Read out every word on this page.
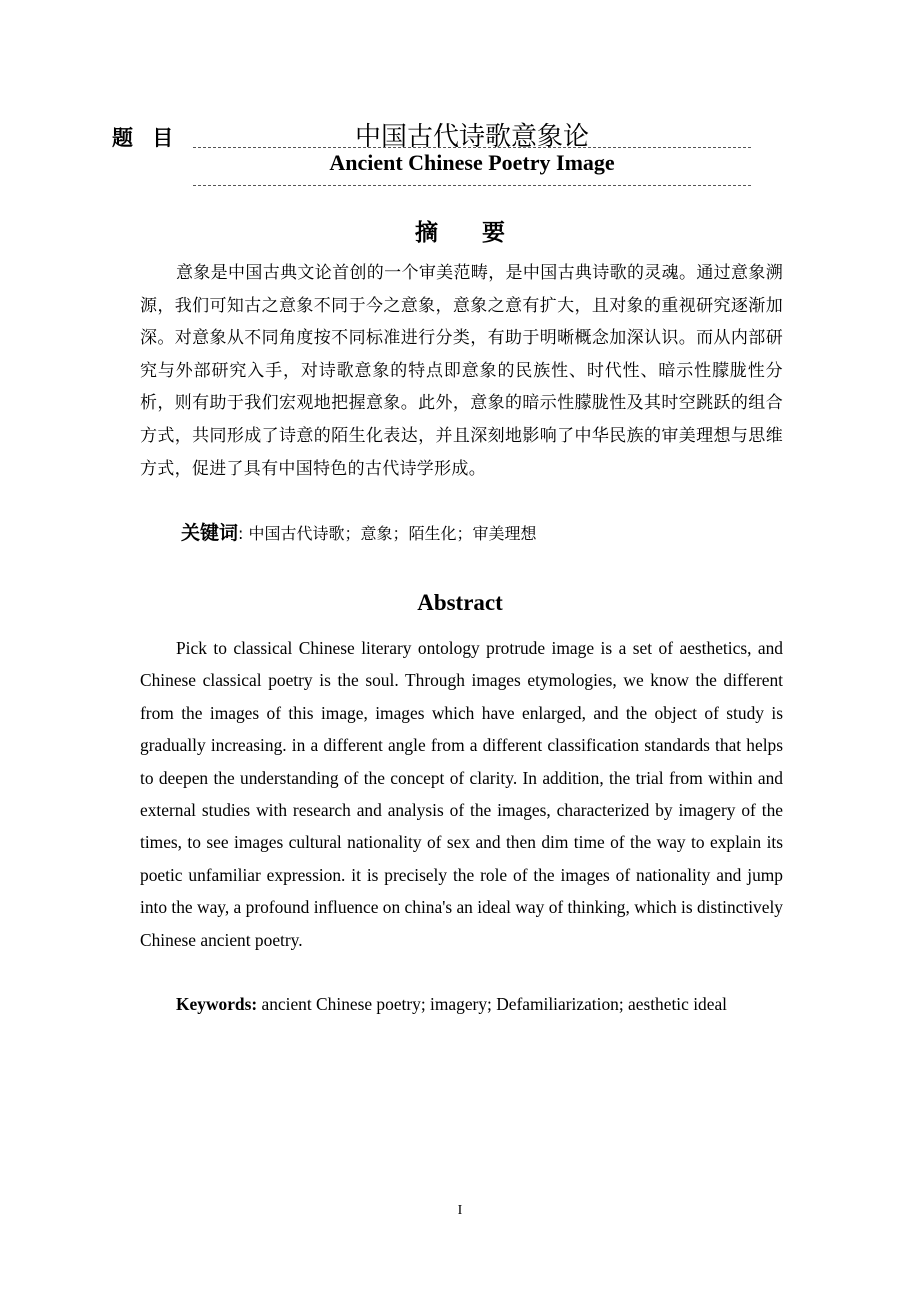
题 目	中国古代诗歌意象论
Ancient Chinese Poetry Image
摘 要
意象是中国古典文论首创的一个审美范畴，是中国古典诗歌的灵魂。通过意象溯源，我们可知古之意象不同于今之意象，意象之意有扩大，且对象的重视研究逐渐加深。对意象从不同角度按不同标准进行分类，有助于明晰概念加深认识。而从内部研究与外部研究入手，对诗歌意象的特点即意象的民族性、时代性、暗示性朦胧性分析，则有助于我们宏观地把握意象。此外，意象的暗示性朦胧性及其时空跳跃的组合方式，共同形成了诗意的陌生化表达，并且深刻地影响了中华民族的审美理想与思维方式，促进了具有中国特色的古代诗学形成。
关键词: 中国古代诗歌；意象；陌生化；审美理想
Abstract
Pick to classical Chinese literary ontology protrude image is a set of aesthetics, and Chinese classical poetry is the soul. Through images etymologies, we know the different from the images of this image, images which have enlarged, and the object of study is gradually increasing. in a different angle from a different classification standards that helps to deepen the understanding of the concept of clarity. In addition, the trial from within and external studies with research and analysis of the images, characterized by imagery of the times, to see images cultural nationality of sex and then dim time of the way to explain its poetic unfamiliar expression. it is precisely the role of the images of nationality and jump into the way, a profound influence on china's an ideal way of thinking, which is distinctively Chinese ancient poetry.
Keywords: ancient Chinese poetry; imagery; Defamiliarization; aesthetic ideal
I
